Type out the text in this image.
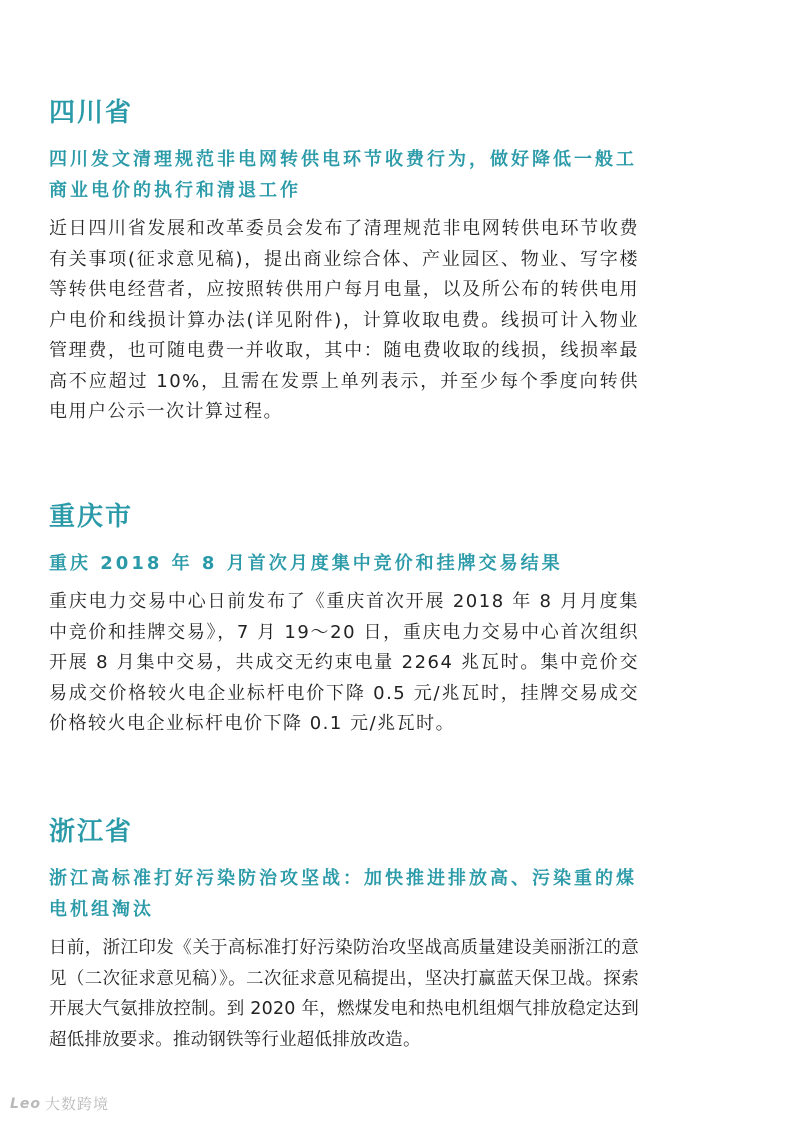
四川省
四川发文清理规范非电网转供电环节收费行为，做好降低一般工商业电价的执行和清退工作

近日四川省发展和改革委员会发布了清理规范非电网转供电环节收费有关事项(征求意见稿)，提出商业综合体、产业园区、物业、写字楼等转供电经营者，应按照转供用户每月电量，以及所公布的转供电用户电价和线损计算办法(详见附件)，计算收取电费。线损可计入物业管理费，也可随电费一并收取，其中：随电费收取的线损，线损率最高不应超过 10%，且需在发票上单列表示，并至少每个季度向转供电用户公示一次计算过程。

重庆市
重庆 2018 年 8 月首次月度集中竞价和挂牌交易结果

重庆电力交易中心日前发布了《重庆首次开展 2018 年 8 月月度集中竞价和挂牌交易》，7 月 19～20 日，重庆电力交易中心首次组织开展 8 月集中交易，共成交无约束电量 2264 兆瓦时。集中竞价交易成交价格较火电企业标杆电价下降 0.5 元/兆瓦时，挂牌交易成交价格较火电企业标杆电价下降 0.1 元/兆瓦时。

浙江省
浙江高标准打好污染防治攻坚战：加快推进排放高、污染重的煤电机组淘汰

日前，浙江印发《关于高标准打好污染防治攻坚战高质量建设美丽浙江的意见（二次征求意见稿）》。二次征求意见稿提出，坚决打赢蓝天保卫战。探索开展大气氨排放控制。到 2020 年，燃煤发电和热电机组烟气排放稳定达到超低排放要求。推动钢铁等行业超低排放改造。

Leo 大数跨境
